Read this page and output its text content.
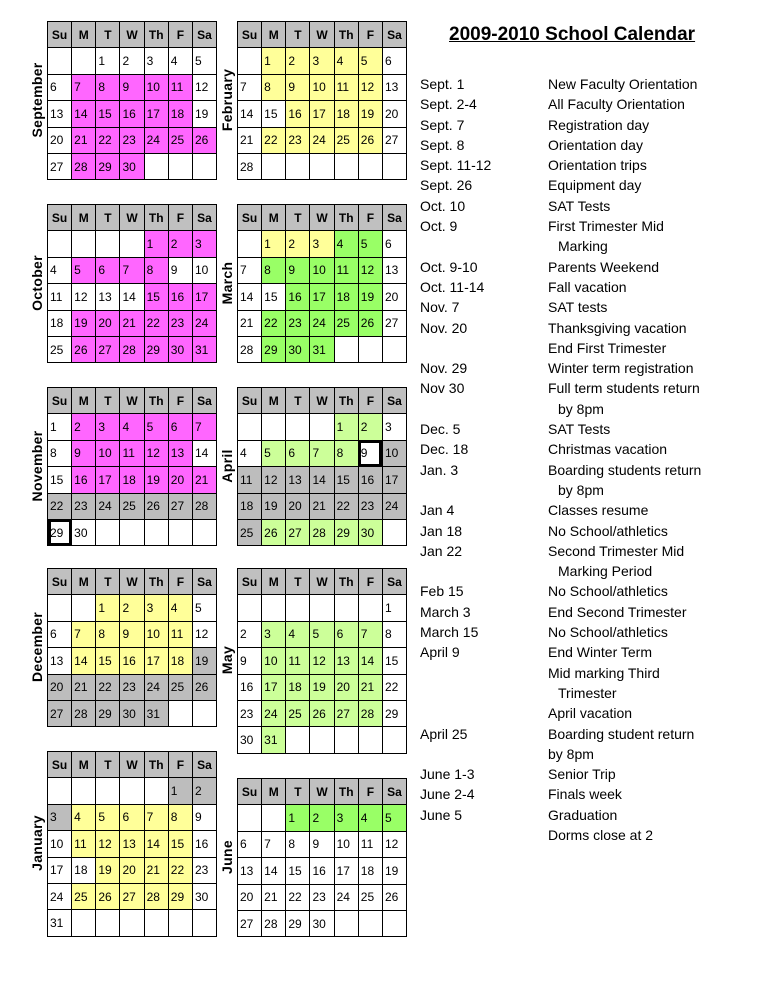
2009-2010 School Calendar
Sept. 1	New Faculty Orientation
Sept. 2-4	All Faculty Orientation
Sept. 7	Registration day
Sept. 8	Orientation day
Sept. 11-12	Orientation trips
Sept. 26	Equipment day
Oct. 10	SAT Tests
Oct. 9	First Trimester Mid
Marking
Oct. 9-10	Parents Weekend
Oct. 11-14	Fall vacation
Nov. 7	SAT tests
Nov. 20	Thanksgiving vacation
End First Trimester
Nov. 29	Winter term registration
Nov 30	Full term students return
by 8pm
Dec. 5	SAT Tests
Dec. 18	Christmas vacation
Jan. 3	Boarding students return
by 8pm
Jan 4	Classes resume
Jan 18	No School/athletics
Jan 22	Second Trimester Mid
Marking Period
Feb 15	No School/athletics
March 3	End Second Trimester
March 15	No School/athletics
April 9	End Winter Term
Mid marking Third
Trimester
April vacation
April 25	Boarding student return
by 8pm
June 1-3	Senior Trip
June 2-4	Finals week
June 5	Graduation
Dorms close at 2
September
Su	M	T	W	Th	F	Sa

		1	2	3	4	5

6	7	8	9	10	11	12

13	14	15	16	17	18	19

20	21	22	23	24	25	26

27	28	29	30			

October
Su	M	T	W	Th	F	Sa

				1	2	3

4	5	6	7	8	9	10

11	12	13	14	15	16	17

18	19	20	21	22	23	24

25	26	27	28	29	30	31
November
Su	M	T	W	Th	F	Sa

1	2	3	4	5	6	7

8	9	10	11	12	13	14

15	16	17	18	19	20	21

22	23	24	25	26	27	28

29	30					

December
Su	M	T	W	Th	F	Sa

		1	2	3	4	5

6	7	8	9	10	11	12

13	14	15	16	17	18	19

20	21	22	23	24	25	26

27	28	29	30	31		

January
Su	M	T	W	Th	F	Sa

					1	2

3	4	5	6	7	8	9

10	11	12	13	14	15	16

17	18	19	20	21	22	23

24	25	26	27	28	29	30

31						

February
Su	M	T	W	Th	F	Sa

	1	2	3	4	5	6

7	8	9	10	11	12	13

14	15	16	17	18	19	20

21	22	23	24	25	26	27

28						

March
Su	M	T	W	Th	F	Sa

	1	2	3	4	5	6

7	8	9	10	11	12	13

14	15	16	17	18	19	20

21	22	23	24	25	26	27

28	29	30	31			

April
Su	M	T	W	Th	F	Sa

				1	2	3

4	5	6	7	8	9	10

11	12	13	14	15	16	17

18	19	20	21	22	23	24

25	26	27	28	29	30	

May
Su	M	T	W	Th	F	Sa

						1

2	3	4	5	6	7	8

9	10	11	12	13	14	15

16	17	18	19	20	21	22

23	24	25	26	27	28	29

30	31					

June
Su	M	T	W	Th	F	Sa

		1	2	3	4	5

6	7	8	9	10	11	12

13	14	15	16	17	18	19

20	21	22	23	24	25	26

27	28	29	30			
